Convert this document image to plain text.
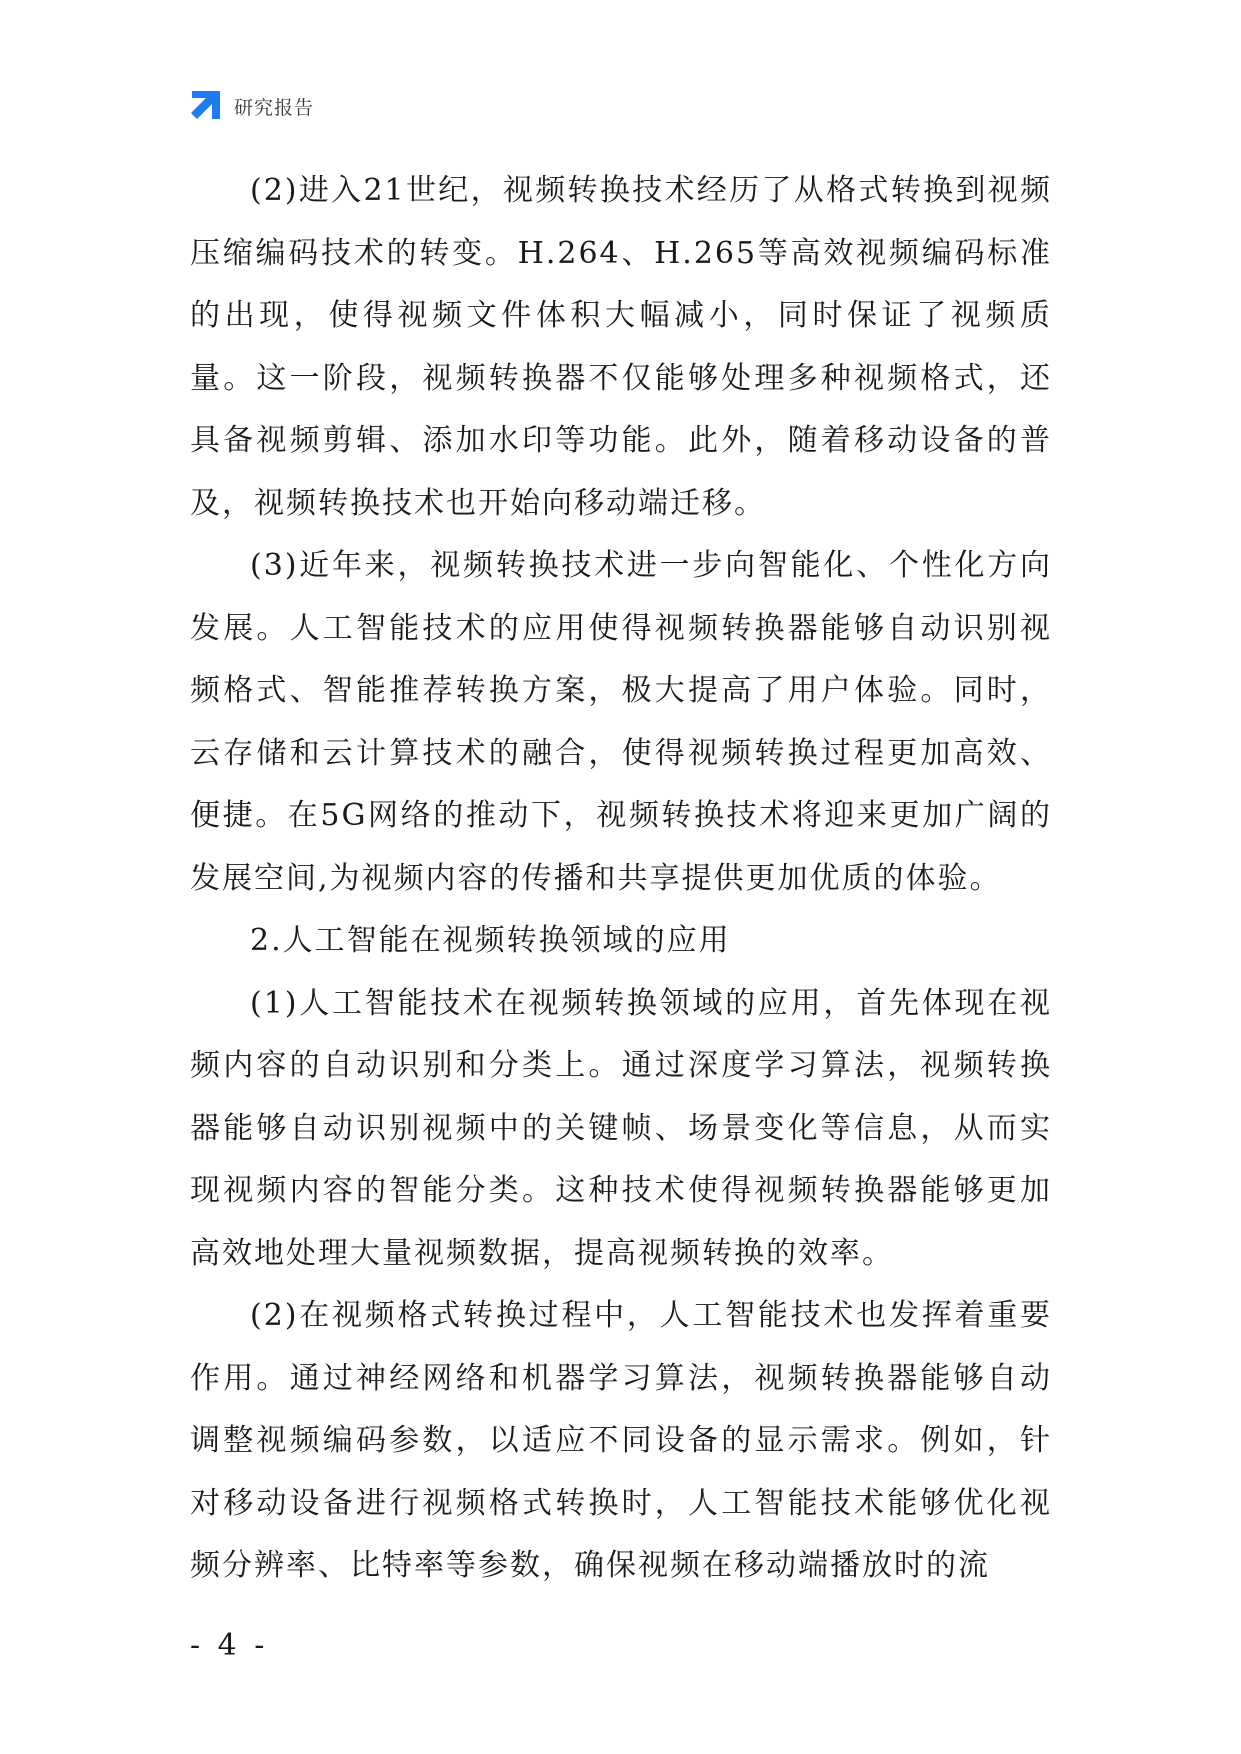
研究报告

(2)进入21世纪，视频转换技术经历了从格式转换到视频压缩编码技术的转变。H.264、H.265等高效视频编码标准的出现，使得视频文件体积大幅减小，同时保证了视频质量。这一阶段，视频转换器不仅能够处理多种视频格式，还具备视频剪辑、添加水印等功能。此外，随着移动设备的普及，视频转换技术也开始向移动端迁移。

(3)近年来，视频转换技术进一步向智能化、个性化方向发展。人工智能技术的应用使得视频转换器能够自动识别视频格式、智能推荐转换方案，极大提高了用户体验。同时，云存储和云计算技术的融合，使得视频转换过程更加高效、便捷。在5G网络的推动下，视频转换技术将迎来更加广阔的发展空间,为视频内容的传播和共享提供更加优质的体验。

2.人工智能在视频转换领域的应用

(1)人工智能技术在视频转换领域的应用，首先体现在视频内容的自动识别和分类上。通过深度学习算法，视频转换器能够自动识别视频中的关键帧、场景变化等信息，从而实现视频内容的智能分类。这种技术使得视频转换器能够更加高效地处理大量视频数据，提高视频转换的效率。

(2)在视频格式转换过程中，人工智能技术也发挥着重要作用。通过神经网络和机器学习算法，视频转换器能够自动调整视频编码参数，以适应不同设备的显示需求。例如，针对移动设备进行视频格式转换时，人工智能技术能够优化视频分辨率、比特率等参数，确保视频在移动端播放时的流

- 4 -
